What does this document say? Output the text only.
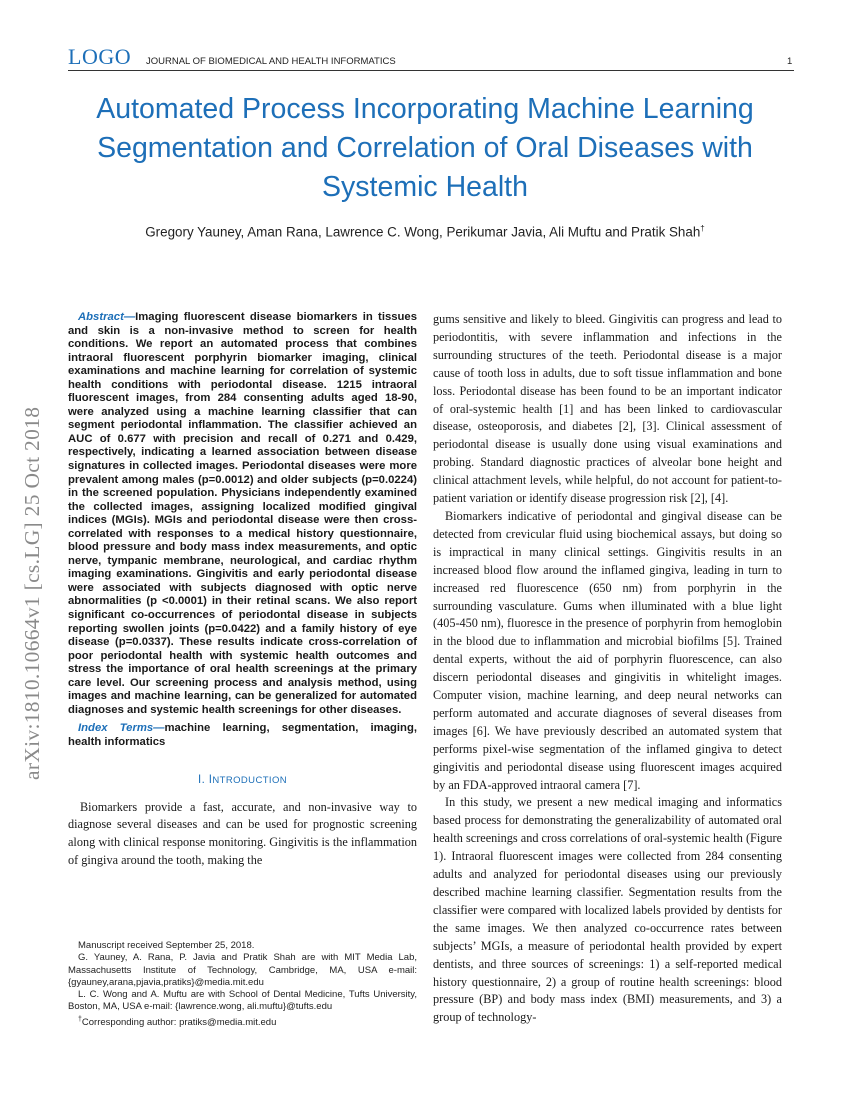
LOGO JOURNAL OF BIOMEDICAL AND HEALTH INFORMATICS	1
Automated Process Incorporating Machine Learning Segmentation and Correlation of Oral Diseases with Systemic Health
Gregory Yauney, Aman Rana, Lawrence C. Wong, Perikumar Javia, Ali Muftu and Pratik Shah†
arXiv:1810.10664v1 [cs.LG] 25 Oct 2018

Abstract—Imaging fluorescent disease biomarkers in tissues and skin is a non-invasive method to screen for health conditions. We report an automated process that combines intraoral fluorescent porphyrin biomarker imaging, clinical examinations and machine learning for correlation of systemic health conditions with periodontal disease. 1215 intraoral fluorescent images, from 284 consenting adults aged 18-90, were analyzed using a machine learning classifier that can segment periodontal inflammation. The classifier achieved an AUC of 0.677 with precision and recall of 0.271 and 0.429, respectively, indicating a learned association between disease signatures in collected images. Periodontal diseases were more prevalent among males (p=0.0012) and older subjects (p=0.0224) in the screened population. Physicians independently examined the collected images, assigning localized modified gingival indices (MGIs). MGIs and periodontal disease were then cross-correlated with responses to a medical history questionnaire, blood pressure and body mass index measurements, and optic nerve, tympanic membrane, neurological, and cardiac rhythm imaging examinations. Gingivitis and early periodontal disease were associated with subjects diagnosed with optic nerve abnormalities (p <0.0001) in their retinal scans. We also report significant co-occurrences of periodontal disease in subjects reporting swollen joints (p=0.0422) and a family history of eye disease (p=0.0337). These results indicate cross-correlation of poor periodontal health with systemic health outcomes and stress the importance of oral health screenings at the primary care level. Our screening process and analysis method, using images and machine learning, can be generalized for automated diagnoses and systemic health screenings for other diseases.

Index Terms—machine learning, segmentation, imaging, health informatics

I. INTRODUCTION

Biomarkers provide a fast, accurate, and non-invasive way to diagnose several diseases and can be used for prognostic screening along with clinical response monitoring. Gingivitis is the inflammation of gingiva around the tooth, making the

Manuscript received September 25, 2018.

G. Yauney, A. Rana, P. Javia and Pratik Shah are with MIT Media Lab, Massachusetts Institute of Technology, Cambridge, MA, USA e-mail: {gyauney,arana,pjavia,pratiks}@media.mit.edu

L. C. Wong and A. Muftu are with School of Dental Medicine, Tufts University, Boston, MA, USA e-mail: {lawrence.wong, ali.muftu}@tufts.edu

†Corresponding author: pratiks@media.mit.edu

gums sensitive and likely to bleed. Gingivitis can progress and lead to periodontitis, with severe inflammation and infections in the surrounding structures of the teeth. Periodontal disease is a major cause of tooth loss in adults, due to soft tissue inflammation and bone loss. Periodontal disease has been found to be an important indicator of oral-systemic health [1] and has been linked to cardiovascular disease, osteoporosis, and diabetes [2], [3]. Clinical assessment of periodontal disease is usually done using visual examinations and probing. Standard diagnostic practices of alveolar bone height and clinical attachment levels, while helpful, do not account for patient-to-patient variation or identify disease progression risk [2], [4].

Biomarkers indicative of periodontal and gingival disease can be detected from crevicular fluid using biochemical assays, but doing so is impractical in many clinical settings. Gingivitis results in an increased blood flow around the inflamed gingiva, leading in turn to increased red fluorescence (650 nm) from porphyrin in the surrounding vasculature. Gums when illuminated with a blue light (405-450 nm), fluoresce in the presence of porphyrin from hemoglobin in the blood due to inflammation and microbial biofilms [5]. Trained dental experts, without the aid of porphyrin fluorescence, can also discern periodontal diseases and gingivitis in whitelight images. Computer vision, machine learning, and deep neural networks can perform automated and accurate diagnoses of several diseases from images [6]. We have previously described an automated system that performs pixel-wise segmentation of the inflamed gingiva to detect gingivitis and periodontal disease using fluorescent images acquired by an FDA-approved intraoral camera [7].

In this study, we present a new medical imaging and informatics based process for demonstrating the generalizability of automated oral health screenings and cross correlations of oral-systemic health (Figure 1). Intraoral fluorescent images were collected from 284 consenting adults and analyzed for periodontal diseases using our previously described machine learning classifier. Segmentation results from the classifier were compared with localized labels provided by dentists for the same images. We then analyzed co-occurrence rates between subjects’ MGIs, a measure of periodontal health provided by expert dentists, and three sources of screenings: 1) a self-reported medical history questionnaire, 2) a group of routine health screenings: blood pressure (BP) and body mass index (BMI) measurements, and 3) a group of technology-
